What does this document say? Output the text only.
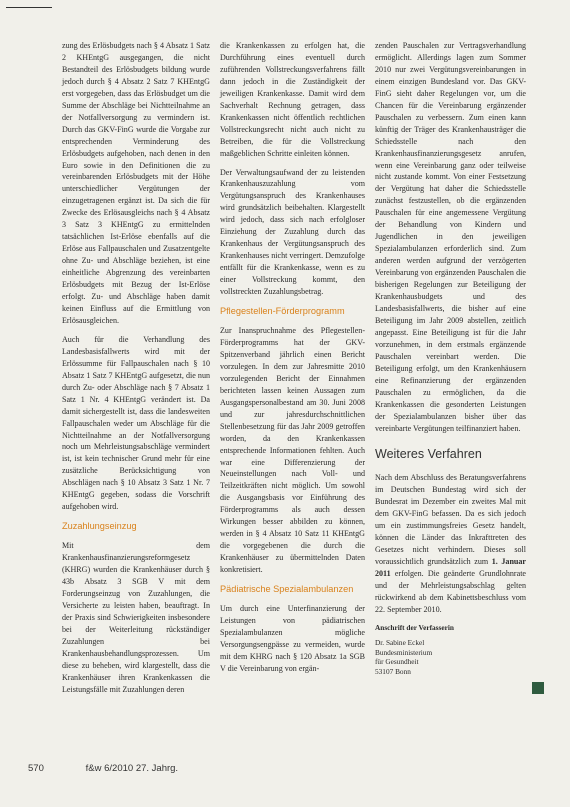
zung des Erlösbudgets nach § 4 Absatz 1 Satz 2 KHEntgG ausgegangen, die nicht Bestandteil des Erlösbudgets bildung wurde jedoch durch § 4 Absatz 2 Satz 7 KHEntgG erst vorgegeben, dass das Erlösbudget um die Summe der Abschläge bei Nichtteilnahme an der Notfallversorgung zu vermindern ist. Durch das GKV-FinG wurde die Vorgabe zur entsprechenden Verminderung des Erlösbudgets aufgehoben, nach denen in den Euro sowie in den Definitionen die zu vereinbarenden Erlösbudgets mit der Höhe unterschiedlicher Vergütungen der einzugetragenen ergänzt ist. Da sich die für Zwecke des Erlösausgleichs nach § 4 Absatz 3 Satz 3 KHEntgG zu ermittelnden tatsächlichen Ist-Erlöse ebenfalls auf die Erlöse aus Fallpauschalen und Zusatzentgelte ohne Zu- und Abschläge beziehen, ist eine einheitliche Abgrenzung des vereinbarten Erlösbudgets mit Bezug der Ist-Erlöse erfolgt. Zu- und Abschläge haben damit keinen Einfluss auf die Ermittlung von Erlösausgleichen.

Auch für die Verhandlung des Landesbasisfallwerts wird mit der Erlössumme für Fallpauschalen nach § 10 Absatz 1 Satz 7 KHEntgG aufgesetzt, die nun durch Zu- oder Abschläge nach § 7 Absatz 1 Satz 1 Nr. 4 KHEntgG verändert ist. Da damit sichergestellt ist, dass die landesweiten Fallpauschalen weder um Abschläge für die Nichtteilnahme an der Notfallversorgung noch um Mehrleistungsabschläge vermindert ist, ist kein technischer Grund mehr für eine zusätzliche Berücksichtigung von Abschlägen nach § 10 Absatz 3 Satz 1 Nr. 7 KHEntgG gegeben, sodass die Vorschrift aufgehoben wird.

Zuzahlungseinzug

Mit dem Krankenhausfinanzierungsreformgesetz (KHRG) wurden die Krankenhäuser durch § 43b Absatz 3 SGB V mit dem Forderungseinzug von Zuzahlungen, die Versicherte zu leisten haben, beauftragt. In der Praxis sind Schwierigkeiten insbesondere bei der Weiterleitung rückständiger Zuzahlungen bei Krankenhausbehandlungsprozessen. Um diese zu beheben, wird klargestellt, dass die Krankenhäuser ihren Krankenkassen die Leistungsfälle mit Zuzahlungen deren

die Krankenkassen zu erfolgen hat, die Durchführung eines eventuell durch zuführenden Vollstreckungsverfahrens fällt dann jedoch in die Zuständigkeit der jeweiligen Krankenkasse. Damit wird dem Sachverhalt Rechnung getragen, dass Krankenkassen nicht öffentlich rechtlichen Vollstreckungsrecht nicht auch nicht zu Betreiben, die für die Vollstreckung maßgeblichen Schritte einleiten können.

Der Verwaltungsaufwand der zu leistenden Krankenhauszuzahlung vom Vergütungsanspruch des Krankenhauses wird grundsätzlich beibehalten. Klargestellt wird jedoch, dass sich nach erfolgloser Einziehung der Zuzahlung durch das Krankenhaus der Vergütungsanspruch des Krankenhauses nicht verringert. Demzufolge entfällt für die Krankenkasse, wenn es zu einer Vollstreckung kommt, den vollstreckten Zuzahlungsbetrag.

Pflegestellen-Förderprogramm

Zur Inanspruchnahme des Pflegestellen-Förderprogramms hat der GKV-Spitzenverband jährlich einen Bericht vorzulegen. In dem zur Jahresmitte 2010 vorzulegenden Bericht der Einnahmen berichteten lassen keinen Aussagen zum Ausgangspersonalbestand am 30. Juni 2008 und zur jahresdurchschnittlichen Stellenbesetzung für das Jahr 2009 getroffen worden, da den Krankenkassen entsprechende Informationen fehlten. Auch war eine Differenzierung der Neueinstellungen nach Voll- und Teilzeitkräften nicht möglich. Um sowohl die Ausgangsbasis vor Einführung des Förderprogramms als auch dessen Wirkungen besser abbilden zu können, werden in § 4 Absatz 10 Satz 11 KHEntgG die vorgegebenen die durch die Krankenhäuser zu übermittelnden Daten konkretisiert.

Pädiatrische Spezialambulanzen

Um durch eine Unterfinanzierung der Leistungen von pädiatrischen Spezialambulanzen mögliche Versorgungsengpässe zu vermeiden, wurde mit dem KHRG nach § 120 Absatz 1a SGB V die Vereinbarung von ergän-

zenden Pauschalen zur Vertragsverhandlung ermöglicht. Allerdings lagen zum Sommer 2010 nur zwei Vergütungsvereinbarungen in einem einzigen Bundesland vor. Das GKV-FinG sieht daher Regelungen vor, um die Chancen für die Vereinbarung ergänzender Pauschalen zu verbessern. Zum einen kann künftig der Träger des Krankenhausträger die Schiedsstelle nach den Krankenhausfinanzierungsgesetz anrufen, wenn eine Vereinbarung ganz oder teilweise nicht zustande kommt. Von einer Festsetzung der Vergütung hat daher die Schiedsstelle zunächst festzustellen, ob die ergänzenden Pauschalen für eine angemessene Vergütung der Behandlung von Kindern und Jugendlichen in den jeweiligen Spezialambulanzen erforderlich sind. Zum anderen werden aufgrund der verzögerten Vereinbarung von ergänzenden Pauschalen die bisherigen Regelungen zur Beteiligung der Krankenhausbudgets und des Landesbasisfallwerts, die bisher auf eine Beteiligung im Jahr 2009 abstellen, zeitlich angepasst. Eine Beteiligung ist für die Jahr vorzunehmen, in dem erstmals ergänzende Pauschalen vereinbart werden. Die Beteiligung erfolgt, um den Krankenhäusern eine Refinanzierung der ergänzenden Pauschalen zu ermöglichen, da die Krankenkassen die gesonderten Leistungen der Spezialambulanzen bisher über das vereinbarte Vergütungen teilfinanziert haben.

Weiteres Verfahren

Nach dem Abschluss des Beratungsverfahrens im Deutschen Bundestag wird sich der Bundesrat im Dezember ein zweites Mal mit dem GKV-FinG befassen. Da es sich jedoch um ein zustimmungsfreies Gesetz handelt, können die Länder das Inkrafttreten des Gesetzes nicht verhindern. Dieses soll voraussichtlich grundsätzlich zum 1. Januar 2011 erfolgen. Die geänderte Grundlohnrate und der Mehrleistungsabschlag gelten rückwirkend ab dem Kabinettsbeschluss vom 22. September 2010.

Anschrift der Verfasserin
Dr. Sabine Eckel
Bundesministerium
für Gesundheit
53107 Bonn
570	f&w 6/2010 27. Jahrg.
